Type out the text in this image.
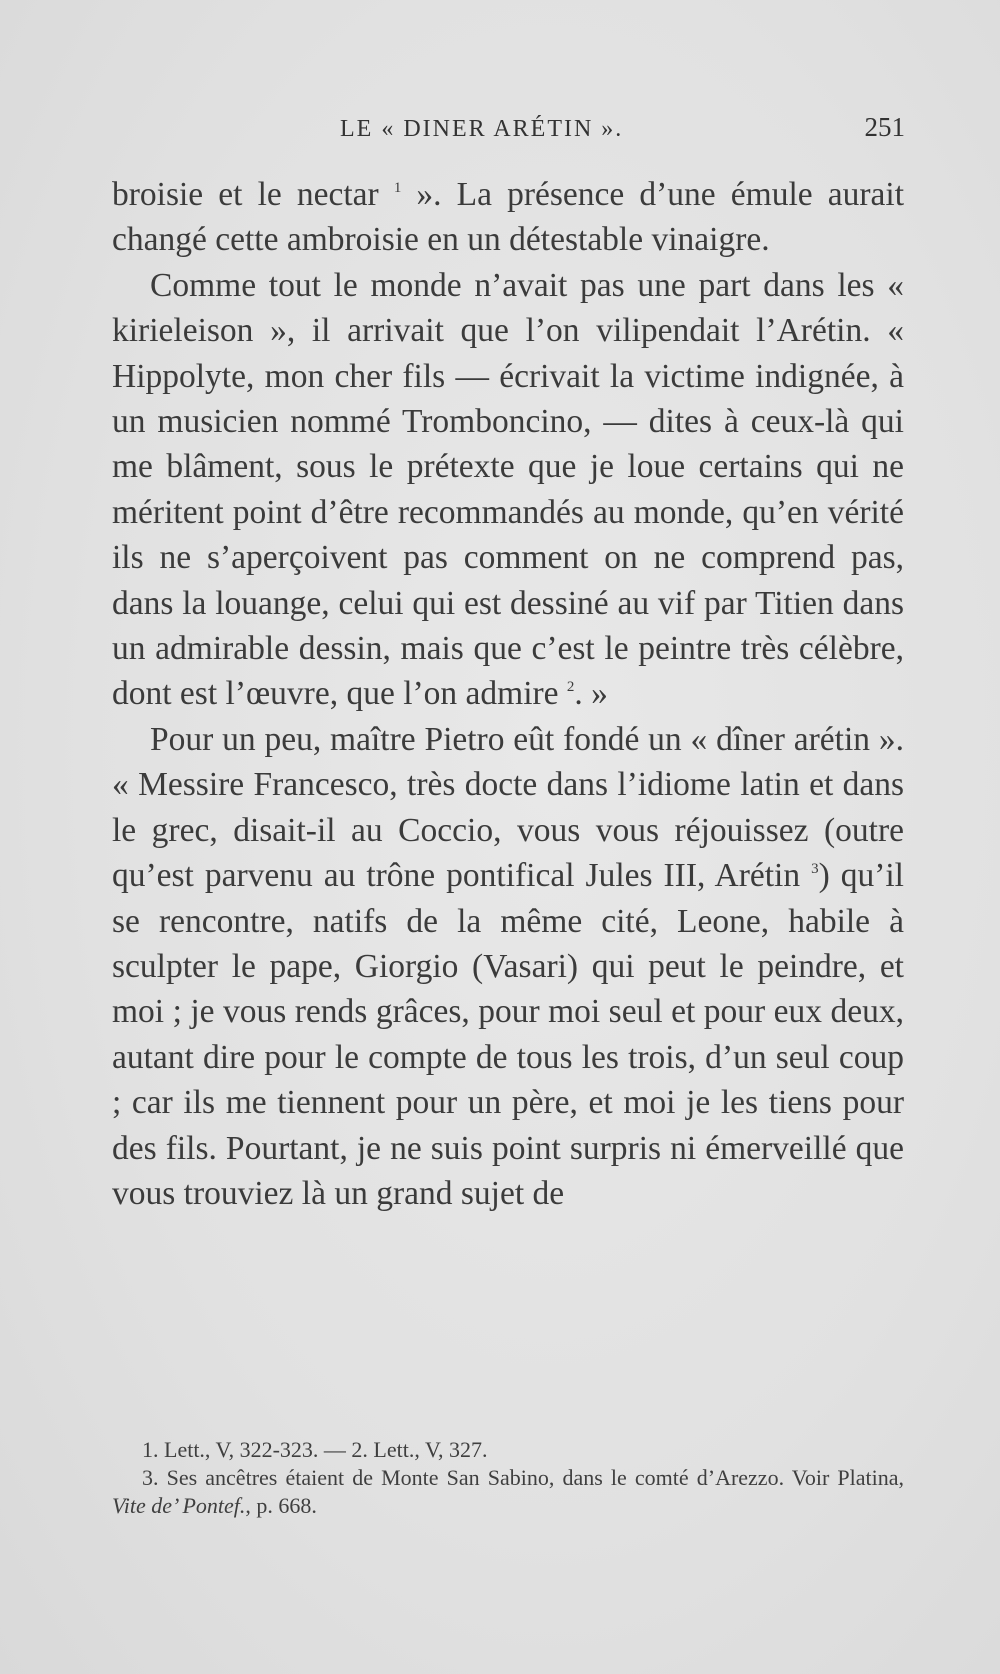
LE « DINER ARÉTIN ».	251

broisie et le nectar $^1$ ». La présence d’une émule aurait changé cette ambroisie en un détestable vinaigre.

Comme tout le monde n’avait pas une part dans les « kirieleison », il arrivait que l’on vilipendait l’Arétin. « Hippolyte, mon cher fils — écrivait la victime indignée, à un musicien nommé Tromboncino, — dites à ceux-là qui me blâment, sous le prétexte que je loue certains qui ne méritent point d’être recommandés au monde, qu’en vérité ils ne s’aperçoivent pas comment on ne comprend pas, dans la louange, celui qui est dessiné au vif par Titien dans un admirable dessin, mais que c’est le peintre très célèbre, dont est l’œuvre, que l’on admire $^2$. »

Pour un peu, maître Pietro eût fondé un « dîner arétin ». « Messire Francesco, très docte dans l’idiome latin et dans le grec, disait-il au Coccio, vous vous réjouissez (outre qu’est parvenu au trône pontifical Jules III, Arétin $^3$) qu’il se rencontre, natifs de la même cité, Leone, habile à sculpter le pape, Giorgio (Vasari) qui peut le peindre, et moi ; je vous rends grâces, pour moi seul et pour eux deux, autant dire pour le compte de tous les trois, d’un seul coup ; car ils me tiennent pour un père, et moi je les tiens pour des fils. Pourtant, je ne suis point surpris ni émerveillé que vous trouviez là un grand sujet de

1. Lett., V, 322-323. — 2. Lett., V, 327.

3. Ses ancêtres étaient de Monte San Sabino, dans le comté d’Arezzo. Voir Platina, Vite de’ Pontef., p. 668.
